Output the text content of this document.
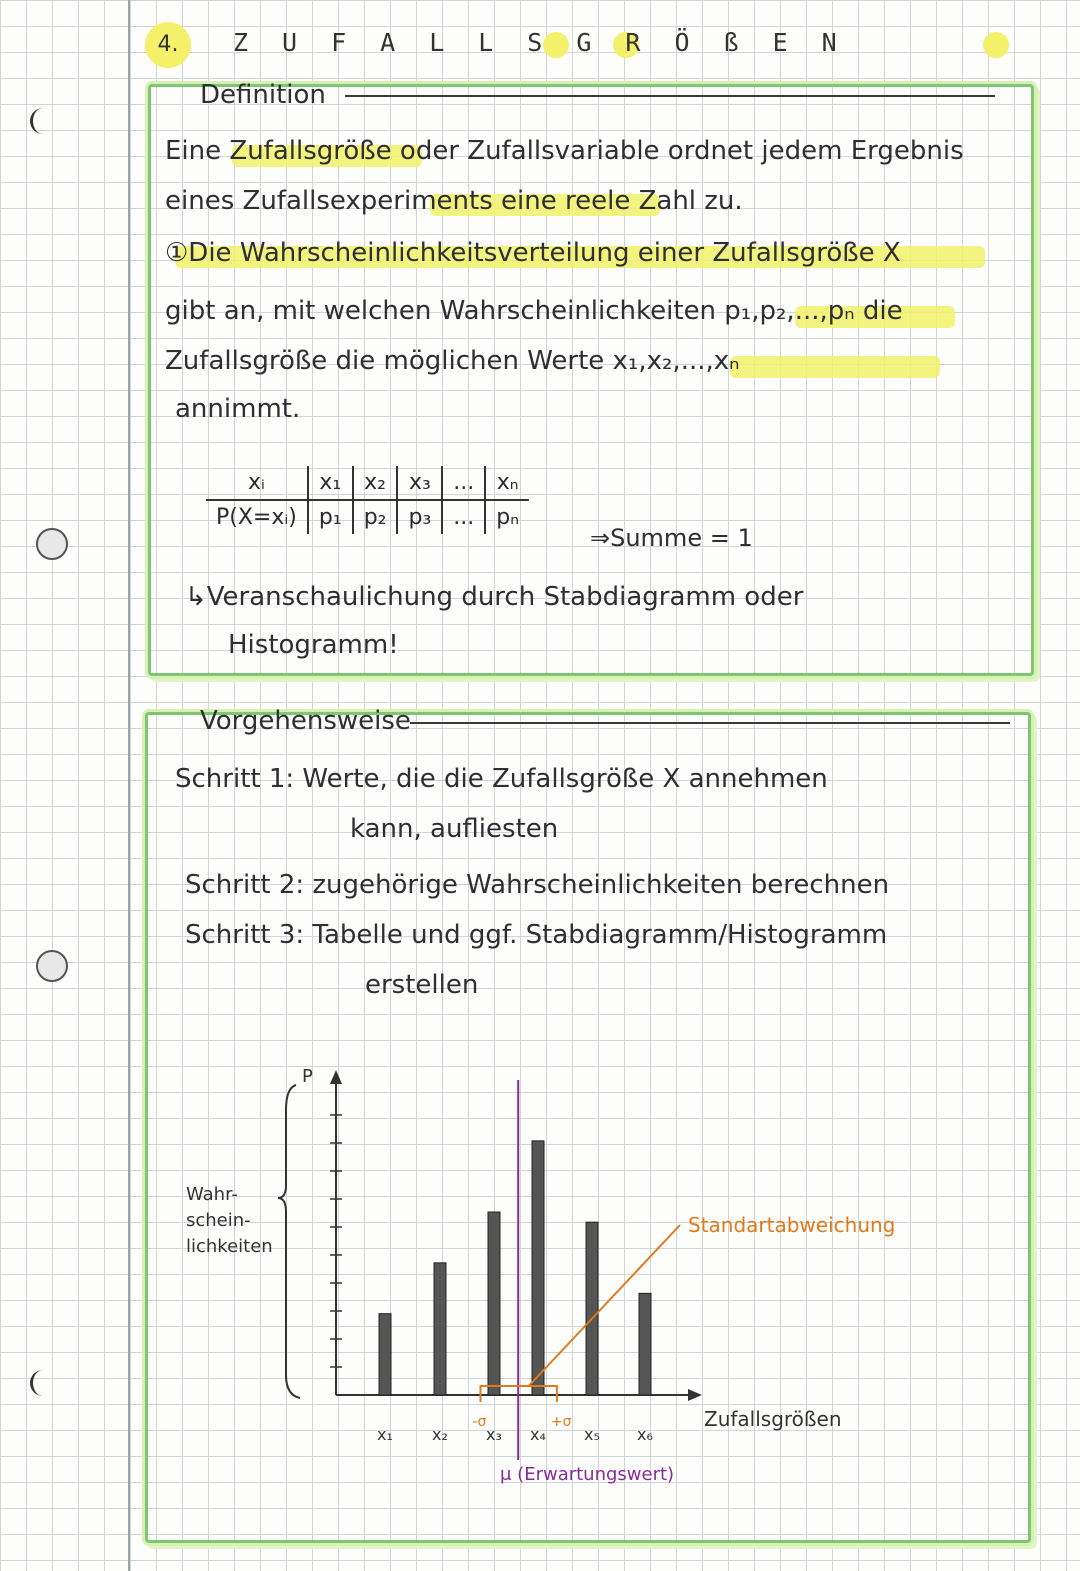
4.	ZUFALLSGRÖßEN
Definition
Eine Zufallsgröße oder Zufallsvariable ordnet jedem Ergebnis
eines Zufallsexperiments eine reele Zahl zu.
①Die Wahrscheinlichkeitsverteilung einer Zufallsgröße X
gibt an, mit welchen Wahrscheinlichkeiten p₁,p₂,...,pₙ die
Zufallsgröße die möglichen Werte x₁,x₂,...,xₙ
annimmt.
xᵢ	x₁	x₂	x₃	...	xₙ
P(X=xᵢ)	p₁	p₂	p₃	...	pₙ
⇒Summe = 1
↳Veranschaulichung durch Stabdiagramm oder
Histogramm!
Vorgehensweise
Schritt 1: Werte, die die Zufallsgröße X annehmen
kann, aufliesten
Schritt 2: zugehörige Wahrscheinlichkeiten berechnen
Schritt 3: Tabelle und ggf. Stabdiagramm/Histogramm
erstellen
x₁ x₂ x₃ x₄ x₅ x₆
P
Wahr-
schein-
lichkeiten
Zufallsgrößen
μ (Erwartungswert)
-σ	+σ
Standartabweichung
